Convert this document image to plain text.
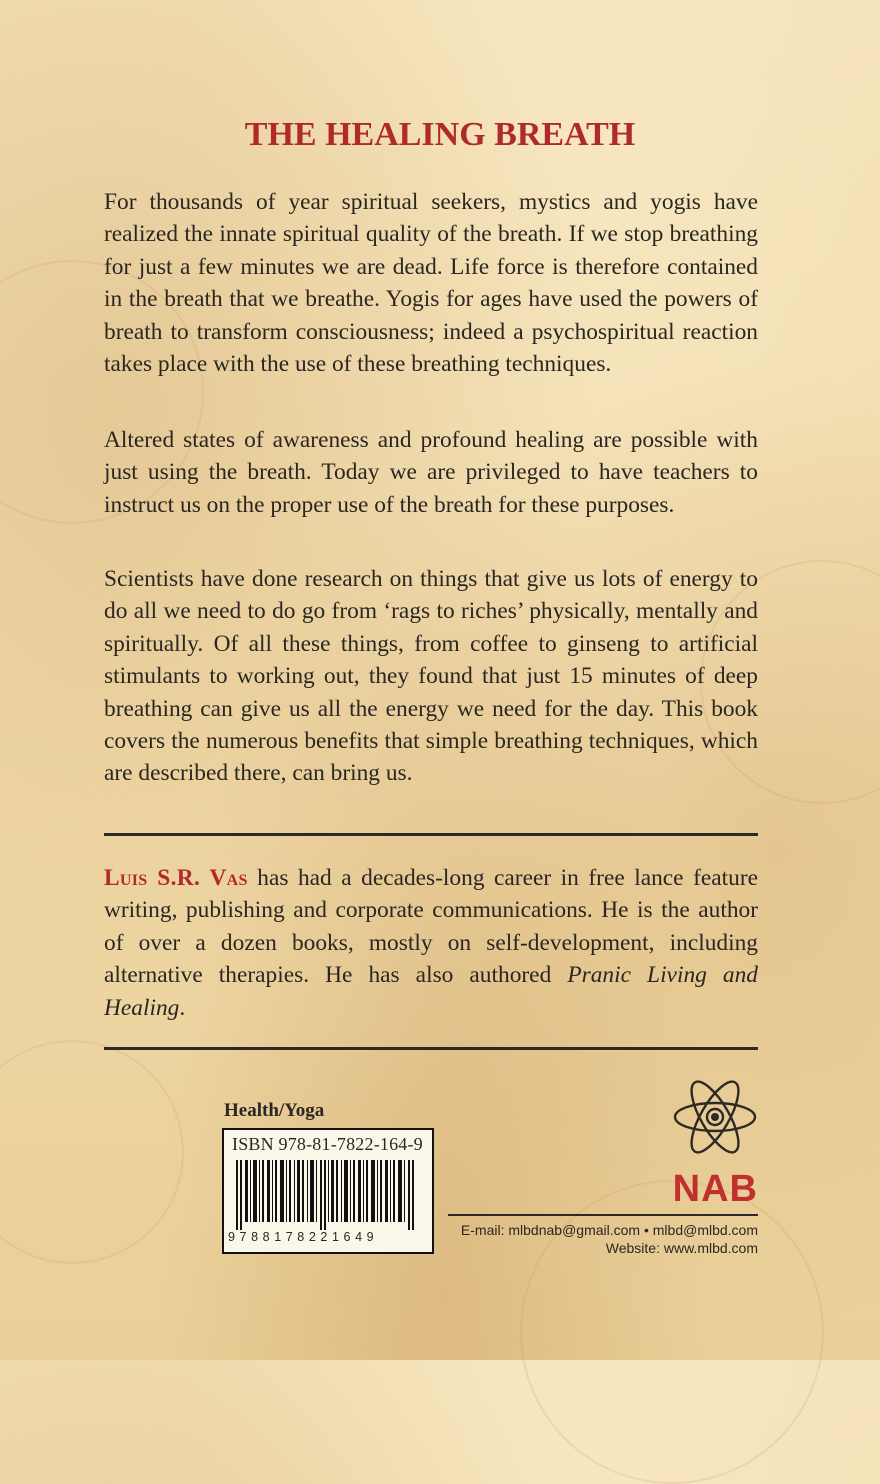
THE HEALING BREATH

For thousands of year spiritual seekers, mystics and yogis have realized the innate spiritual quality of the breath. If we stop breathing for just a few minutes we are dead. Life force is therefore contained in the breath that we breathe. Yogis for ages have used the powers of breath to transform consciousness; indeed a psychospiritual reaction takes place with the use of these breathing techniques.

Altered states of awareness and profound healing are possible with just using the breath. Today we are privileged to have teachers to instruct us on the proper use of the breath for these purposes.

Scientists have done research on things that give us lots of energy to do all we need to do go from ‘rags to riches’ physically, mentally and spiritually. Of all these things, from coffee to ginseng to artificial stimulants to working out, they found that just 15 minutes of deep breathing can give us all the energy we need for the day. This book covers the numerous benefits that simple breathing techniques, which are described there, can bring us.

Luis S.R. Vas has had a decades-long career in free lance feature writing, publishing and corporate communications. He is the author of over a dozen books, mostly on self-development, including alternative therapies. He has also authored Pranic Living and Healing.

Health/Yoga
ISBN 978-81-7822-164-9
9788178221649
NAB
E-mail: mlbdnab@gmail.com • mlbd@mlbd.com
Website: www.mlbd.com
